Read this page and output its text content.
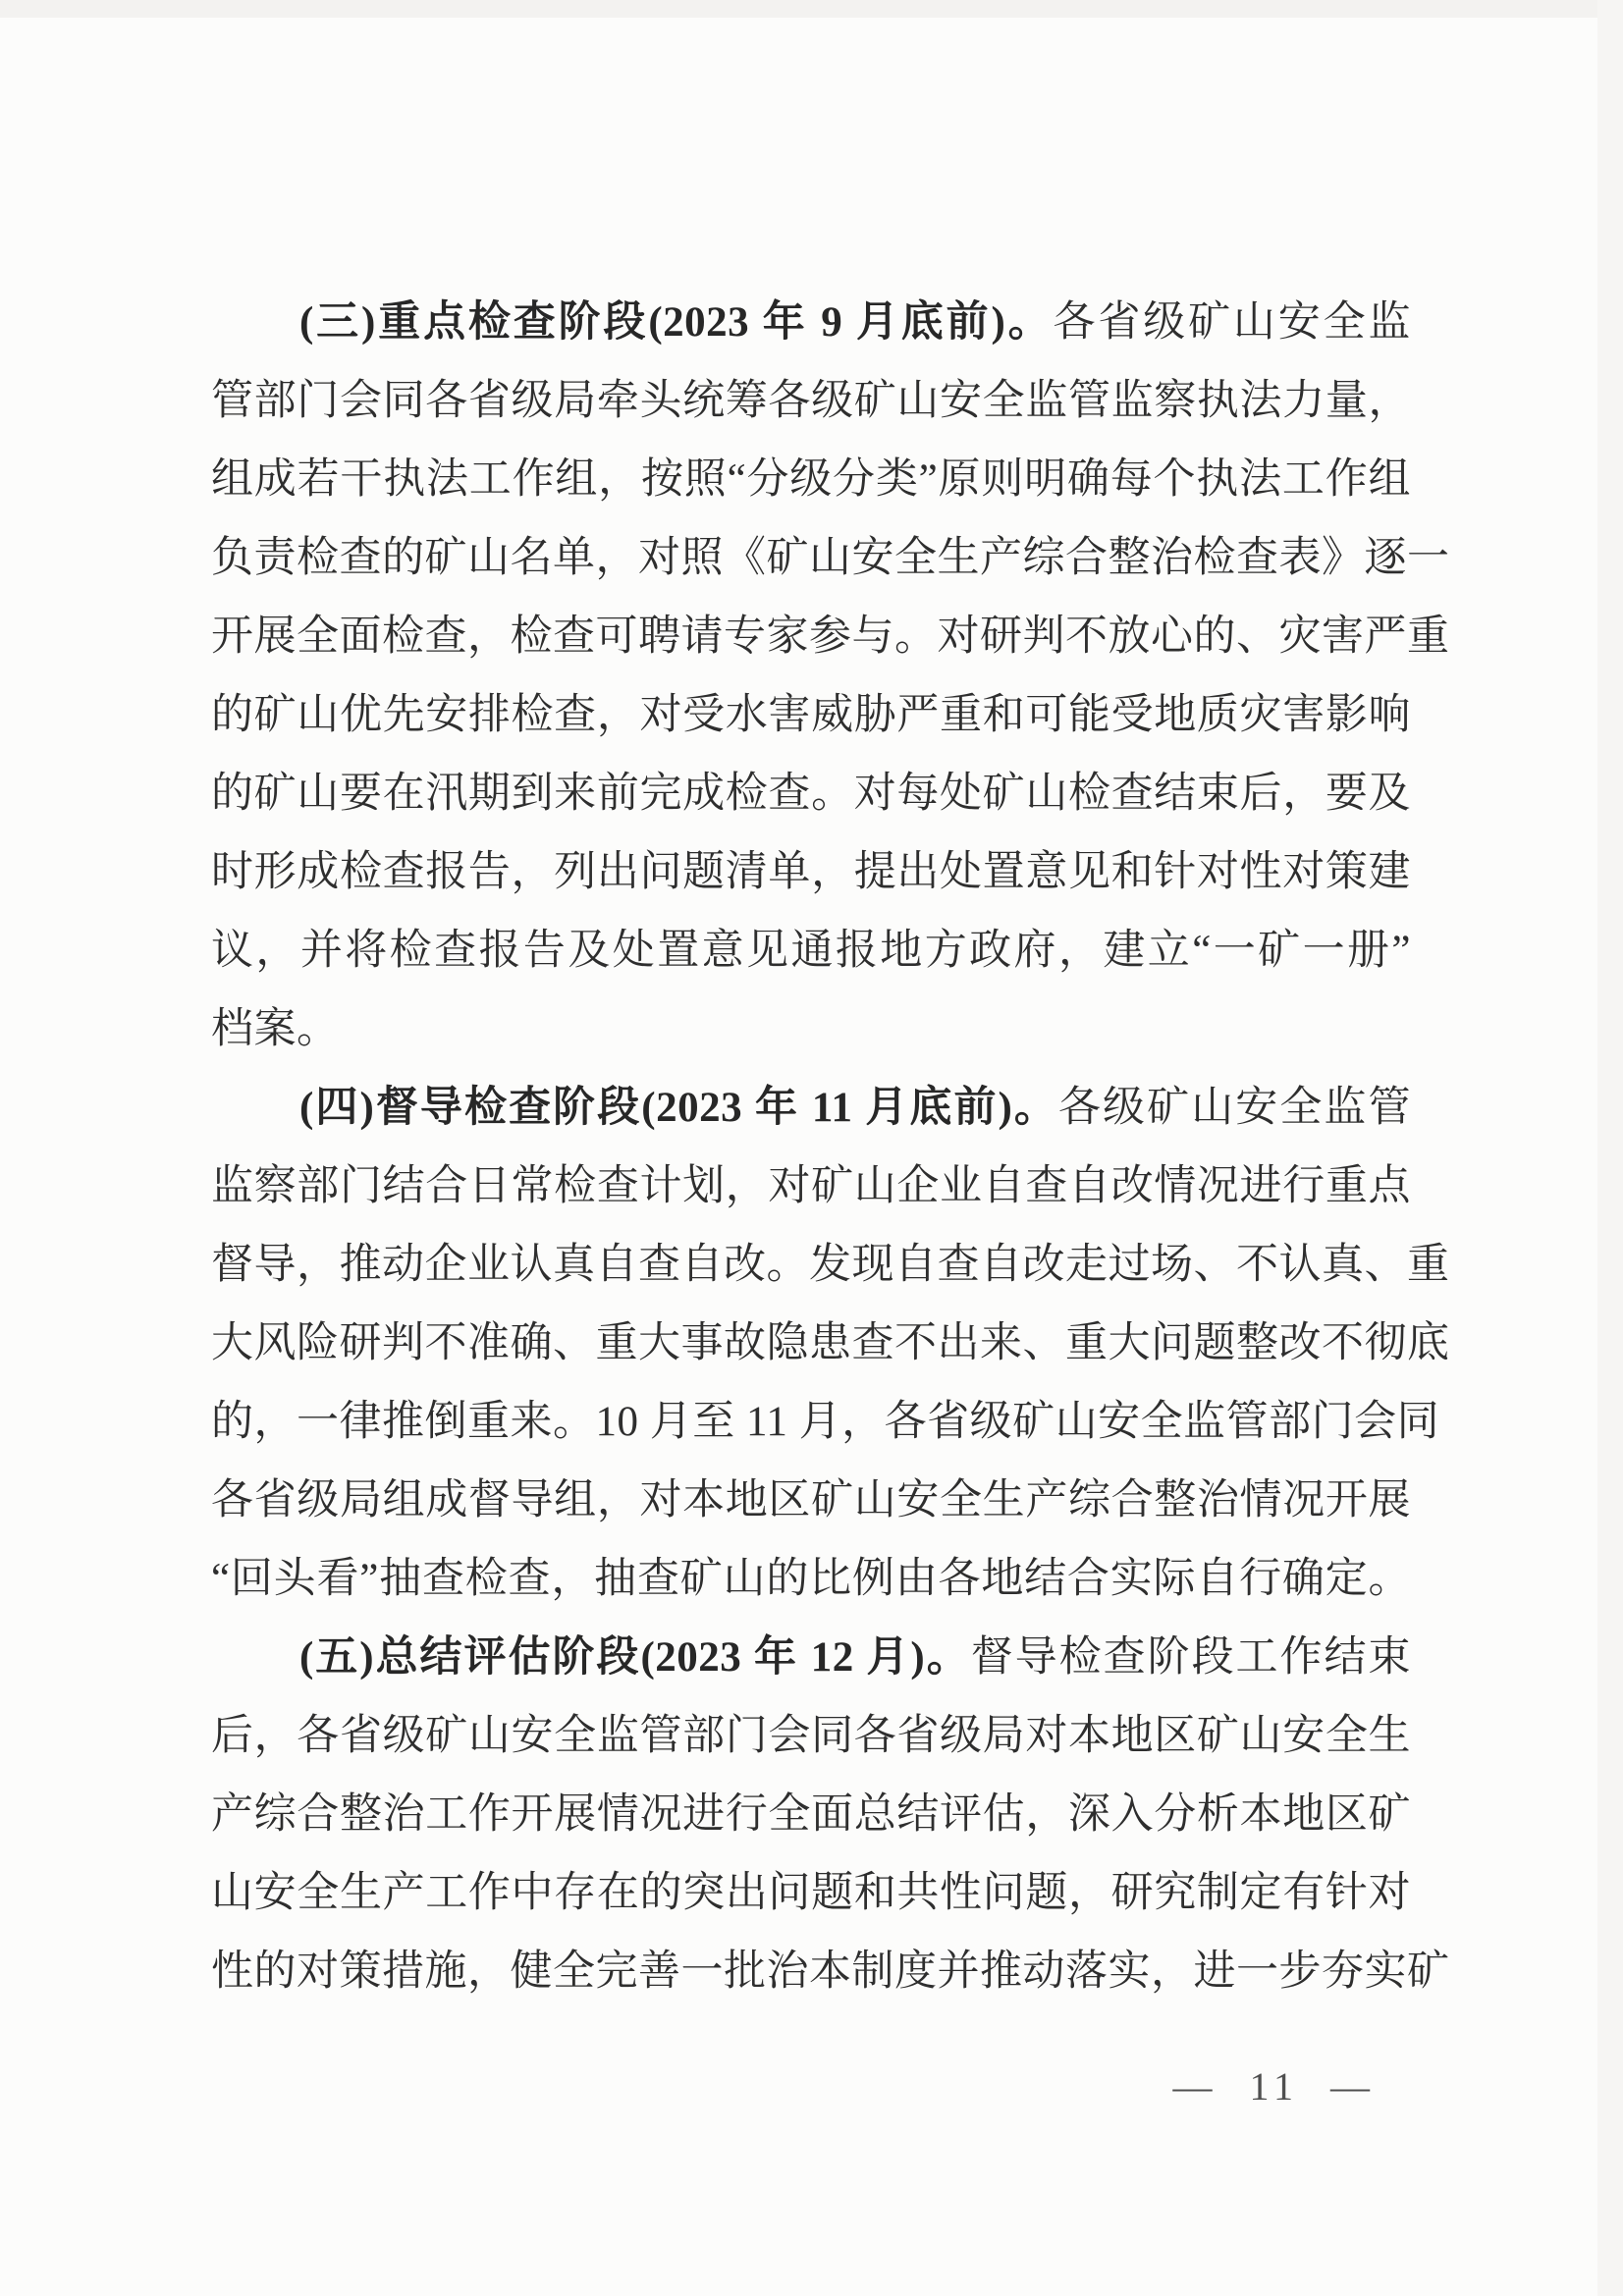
(三)重点检查阶段(2023 年 9 月底前)。各省级矿山安全监
管部门会同各省级局牵头统筹各级矿山安全监管监察执法力量，
组成若干执法工作组，按照“分级分类”原则明确每个执法工作组
负责检查的矿山名单，对照《矿山安全生产综合整治检查表》逐一
开展全面检查，检查可聘请专家参与。对研判不放心的、灾害严重
的矿山优先安排检查，对受水害威胁严重和可能受地质灾害影响
的矿山要在汛期到来前完成检查。对每处矿山检查结束后，要及
时形成检查报告，列出问题清单，提出处置意见和针对性对策建
议，并将检查报告及处置意见通报地方政府，建立“一矿一册”
档案。
(四)督导检查阶段(2023 年 11 月底前)。各级矿山安全监管
监察部门结合日常检查计划，对矿山企业自查自改情况进行重点
督导，推动企业认真自查自改。发现自查自改走过场、不认真、重
大风险研判不准确、重大事故隐患查不出来、重大问题整改不彻底
的，一律推倒重来。10 月至 11 月，各省级矿山安全监管部门会同
各省级局组成督导组，对本地区矿山安全生产综合整治情况开展
“回头看”抽查检查，抽查矿山的比例由各地结合实际自行确定。
(五)总结评估阶段(2023 年 12 月)。督导检查阶段工作结束
后，各省级矿山安全监管部门会同各省级局对本地区矿山安全生
产综合整治工作开展情况进行全面总结评估，深入分析本地区矿
山安全生产工作中存在的突出问题和共性问题，研究制定有针对
性的对策措施，健全完善一批治本制度并推动落实，进一步夯实矿
— 11 —
